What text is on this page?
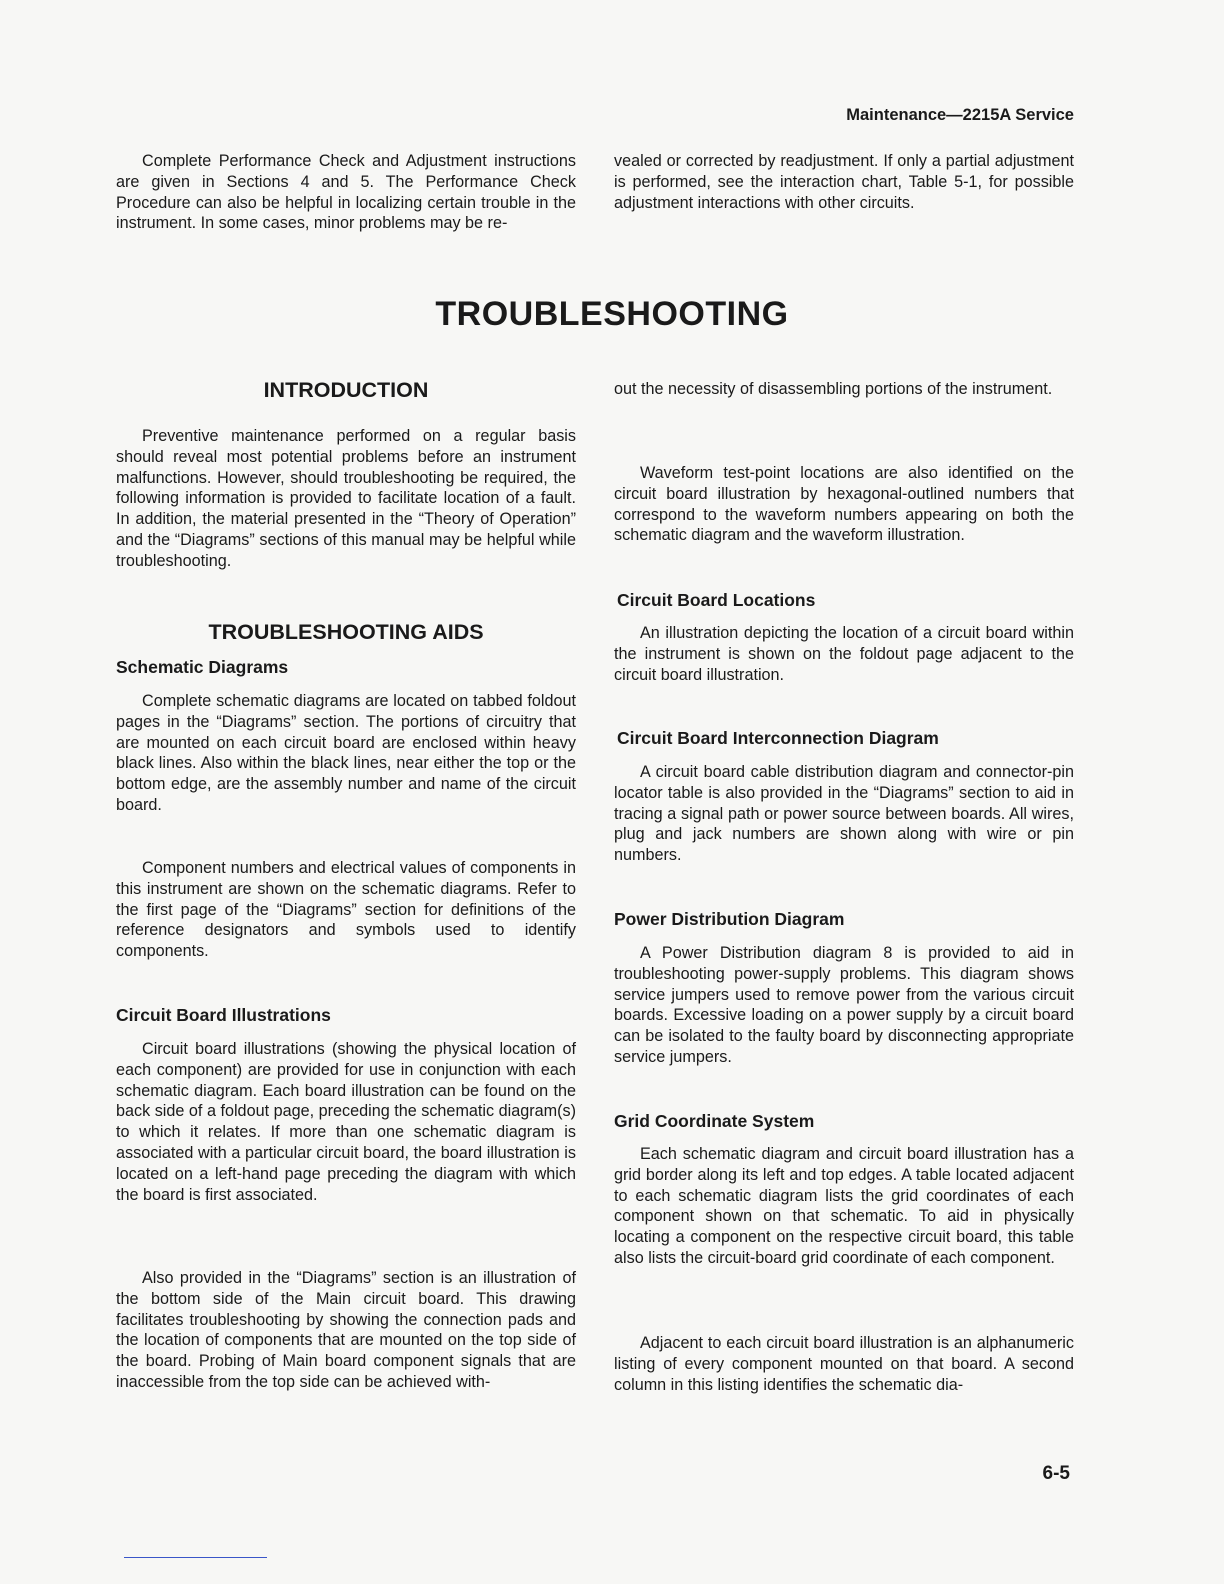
Maintenance—2215A Service

Complete Performance Check and Adjustment instructions are given in Sections 4 and 5. The Performance Check Procedure can also be helpful in localizing certain trouble in the instrument. In some cases, minor problems may be re-

vealed or corrected by readjustment. If only a partial adjustment is performed, see the interaction chart, Table 5-1, for possible adjustment interactions with other circuits.

TROUBLESHOOTING
INTRODUCTION

Preventive maintenance performed on a regular basis should reveal most potential problems before an instrument malfunctions. However, should troubleshooting be required, the following information is provided to facilitate location of a fault. In addition, the material presented in the “Theory of Operation” and the “Diagrams” sections of this manual may be helpful while troubleshooting.

TROUBLESHOOTING AIDS
Schematic Diagrams

Complete schematic diagrams are located on tabbed foldout pages in the “Diagrams” section. The portions of circuitry that are mounted on each circuit board are enclosed within heavy black lines. Also within the black lines, near either the top or the bottom edge, are the assembly number and name of the circuit board.

Component numbers and electrical values of components in this instrument are shown on the schematic diagrams. Refer to the first page of the “Diagrams” section for definitions of the reference designators and symbols used to identify components.

Circuit Board Illustrations

Circuit board illustrations (showing the physical location of each component) are provided for use in conjunction with each schematic diagram. Each board illustration can be found on the back side of a foldout page, preceding the schematic diagram(s) to which it relates. If more than one schematic diagram is associated with a particular circuit board, the board illustration is located on a left-hand page preceding the diagram with which the board is first associated.

Also provided in the “Diagrams” section is an illustration of the bottom side of the Main circuit board. This drawing facilitates troubleshooting by showing the connection pads and the location of components that are mounted on the top side of the board. Probing of Main board component signals that are inaccessible from the top side can be achieved with-

out the necessity of disassembling portions of the instrument.

Waveform test-point locations are also identified on the circuit board illustration by hexagonal-outlined numbers that correspond to the waveform numbers appearing on both the schematic diagram and the waveform illustration.

Circuit Board Locations

An illustration depicting the location of a circuit board within the instrument is shown on the foldout page adjacent to the circuit board illustration.

Circuit Board Interconnection Diagram

A circuit board cable distribution diagram and connector-pin locator table is also provided in the “Diagrams” section to aid in tracing a signal path or power source between boards. All wires, plug and jack numbers are shown along with wire or pin numbers.

Power Distribution Diagram

A Power Distribution diagram 8 is provided to aid in troubleshooting power-supply problems. This diagram shows service jumpers used to remove power from the various circuit boards. Excessive loading on a power supply by a circuit board can be isolated to the faulty board by disconnecting appropriate service jumpers.

Grid Coordinate System

Each schematic diagram and circuit board illustration has a grid border along its left and top edges. A table located adjacent to each schematic diagram lists the grid coordinates of each component shown on that schematic. To aid in physically locating a component on the respective circuit board, this table also lists the circuit-board grid coordinate of each component.

Adjacent to each circuit board illustration is an alphanumeric listing of every component mounted on that board. A second column in this listing identifies the schematic dia-

6-5
